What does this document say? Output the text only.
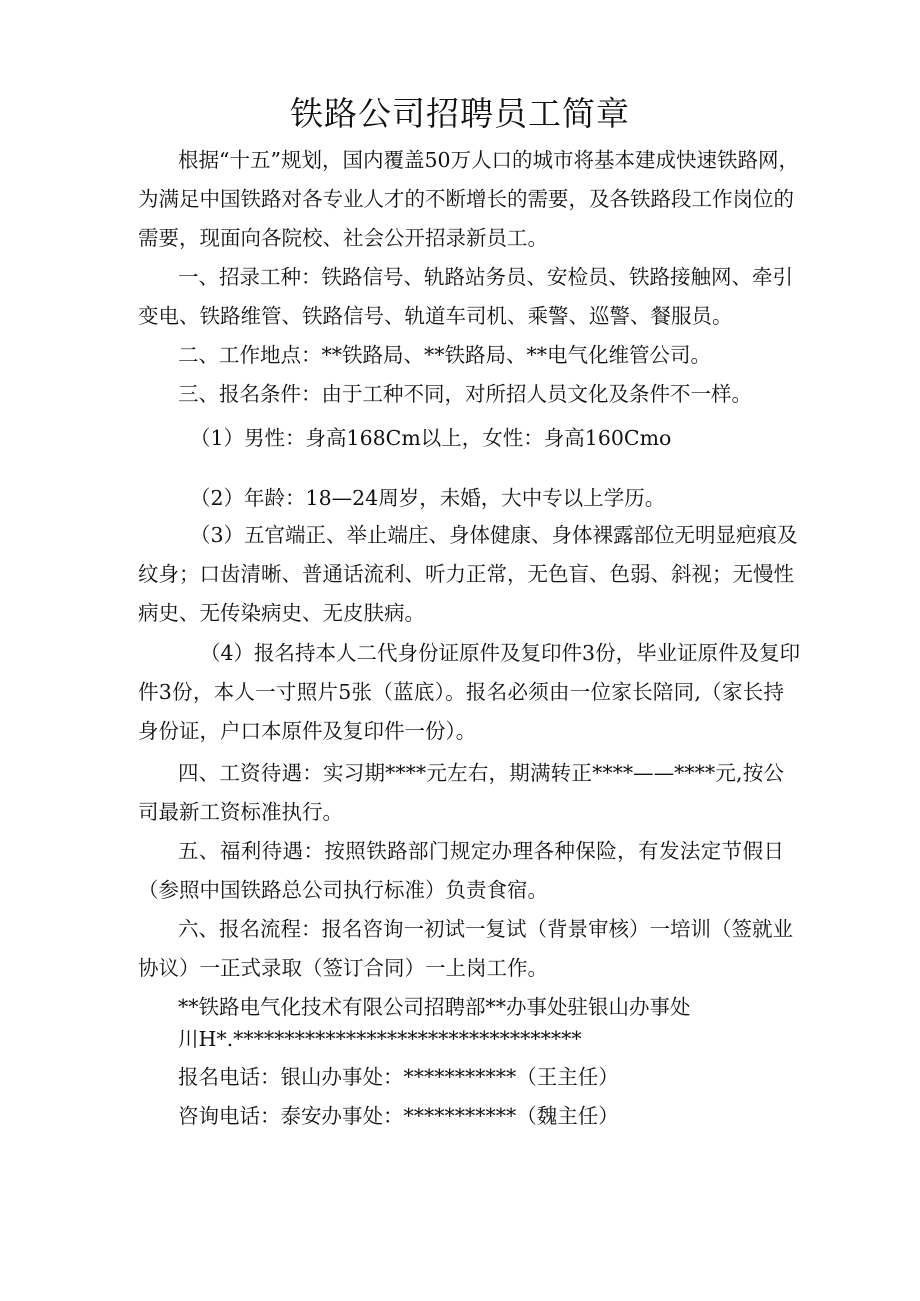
铁路公司招聘员工简章
根据“十五”规划，国内覆盖50万人口的城市将基本建成快速铁路网，
为满足中国铁路对各专业人才的不断增长的需要，及各铁路段工作岗位的
需要，现面向各院校、社会公开招录新员工。
一、招录工种：铁路信号、轨路站务员、安检员、铁路接触网、牵引
变电、铁路维管、铁路信号、轨道车司机、乘警、巡警、餐服员。
二、工作地点：**铁路局、**铁路局、**电气化维管公司。
三、报名条件：由于工种不同，对所招人员文化及条件不一样。
（1）男性：身高168Cm以上，女性：身高160Cmo
（2）年龄：18—24周岁，未婚，大中专以上学历。
（3）五官端正、举止端庄、身体健康、身体裸露部位无明显疤痕及
纹身；口齿清晰、普通话流利、听力正常，无色盲、色弱、斜视；无慢性
病史、无传染病史、无皮肤病。
（4）报名持本人二代身份证原件及复印件3份，毕业证原件及复印
件3份，本人一寸照片5张（蓝底）。报名必须由一位家长陪同,（家长持
身份证，户口本原件及复印件一份）。
四、工资待遇：实习期****元左右，期满转正****——****元,按公
司最新工资标准执行。
五、福利待遇：按照铁路部门规定办理各种保险，有发法定节假日
（参照中国铁路总公司执行标准）负责食宿。
六、报名流程：报名咨询一初试一复试（背景审核）一培训（签就业
协议）一正式录取（签订合同）一上岗工作。
**铁路电气化技术有限公司招聘部**办事处驻银山办事处
川H*.**********************************
报名电话：银山办事处：***********（王主任）
咨询电话：泰安办事处：***********（魏主任）
